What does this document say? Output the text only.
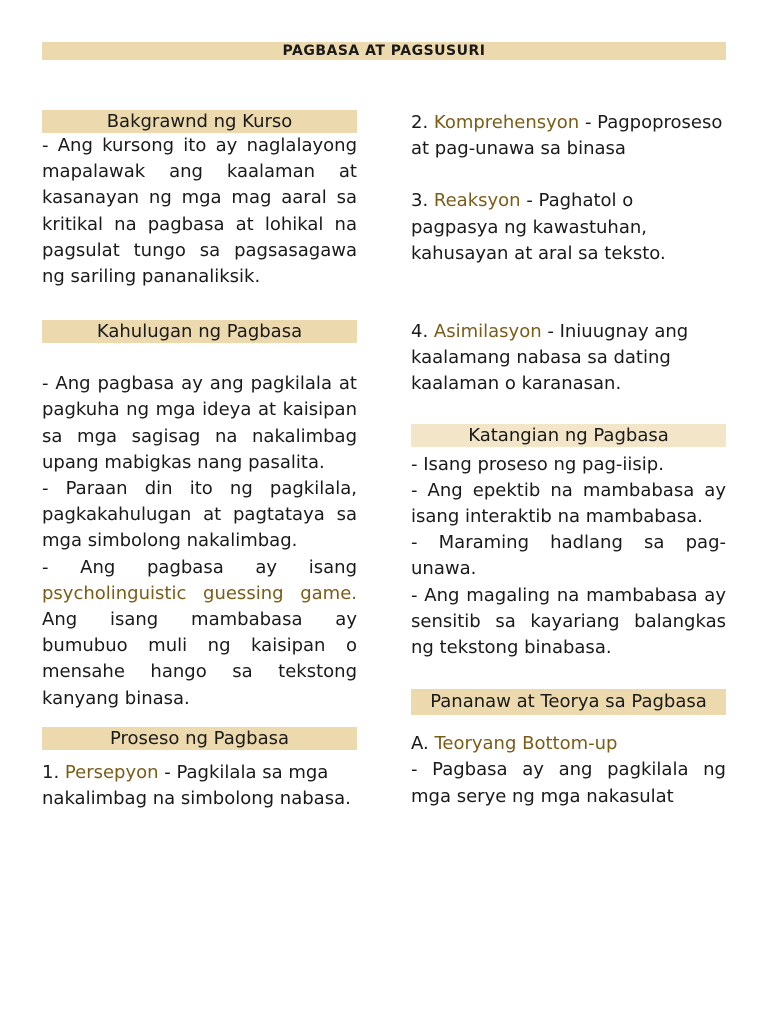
PAGBASA AT PAGSUSURI
Bakgrawnd ng Kurso

- Ang kursong ito ay naglalayong mapalawak ang kaalaman at kasanayan ng mga mag aaral sa kritikal na pagbasa at lohikal na pagsulat tungo sa pagsasagawa ng sariling pananaliksik.

Kahulugan ng Pagbasa

- Ang pagbasa ay ang pagkilala at pagkuha ng mga ideya at kaisipan sa mga sagisag na nakalimbag upang mabigkas nang pasalita.

- Paraan din ito ng pagkilala, pagkakahulugan at pagtataya sa mga simbolong nakalimbag.

- Ang pagbasa ay isang psycholinguistic guessing game. Ang isang mambabasa ay bumubuo muli ng kaisipan o mensahe hango sa tekstong kanyang binasa.

Proseso ng Pagbasa

1. Persepyon - Pagkilala sa mga nakalimbag na simbolong nabasa.

2. Komprehensyon - Pagpoproseso at pag-unawa sa binasa

3. Reaksyon - Paghatol o pagpasya ng kawastuhan, kahusayan at aral sa teksto.

4. Asimilasyon - Iniuugnay ang kaalamang nabasa sa dating kaalaman o karanasan.

Katangian ng Pagbasa

- Isang proseso ng pag-iisip.

- Ang epektib na mambabasa ay isang interaktib na mambabasa.

- Maraming hadlang sa pag-unawa.

- Ang magaling na mambabasa ay sensitib sa kayariang balangkas ng tekstong binabasa.

Pananaw at Teorya sa Pagbasa

A. Teoryang Bottom-up

- Pagbasa ay ang pagkilala ng mga serye ng mga nakasulat
